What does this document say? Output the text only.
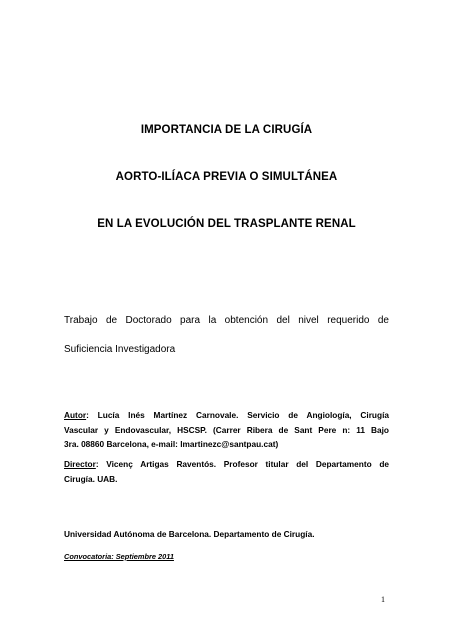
IMPORTANCIA DE LA CIRUGÍA
AORTO-ILÍACA PREVIA O SIMULTÁNEA
EN LA EVOLUCIÓN DEL TRASPLANTE RENAL
Trabajo de Doctorado para la obtención del nivel requerido de
Suficiencia Investigadora
Autor: Lucía Inés Martínez Carnovale. Servicio de Angiología, Cirugía
Vascular y Endovascular, HSCSP. (Carrer Ribera de Sant Pere n: 11 Bajo
3ra. 08860 Barcelona, e-mail: lmartinezc@santpau.cat)
Director: Vicenç Artigas Raventós. Profesor titular del Departamento de
Cirugía. UAB.
Universidad Autónoma de Barcelona. Departamento de Cirugía.
Convocatoria: Septiembre 2011
1
